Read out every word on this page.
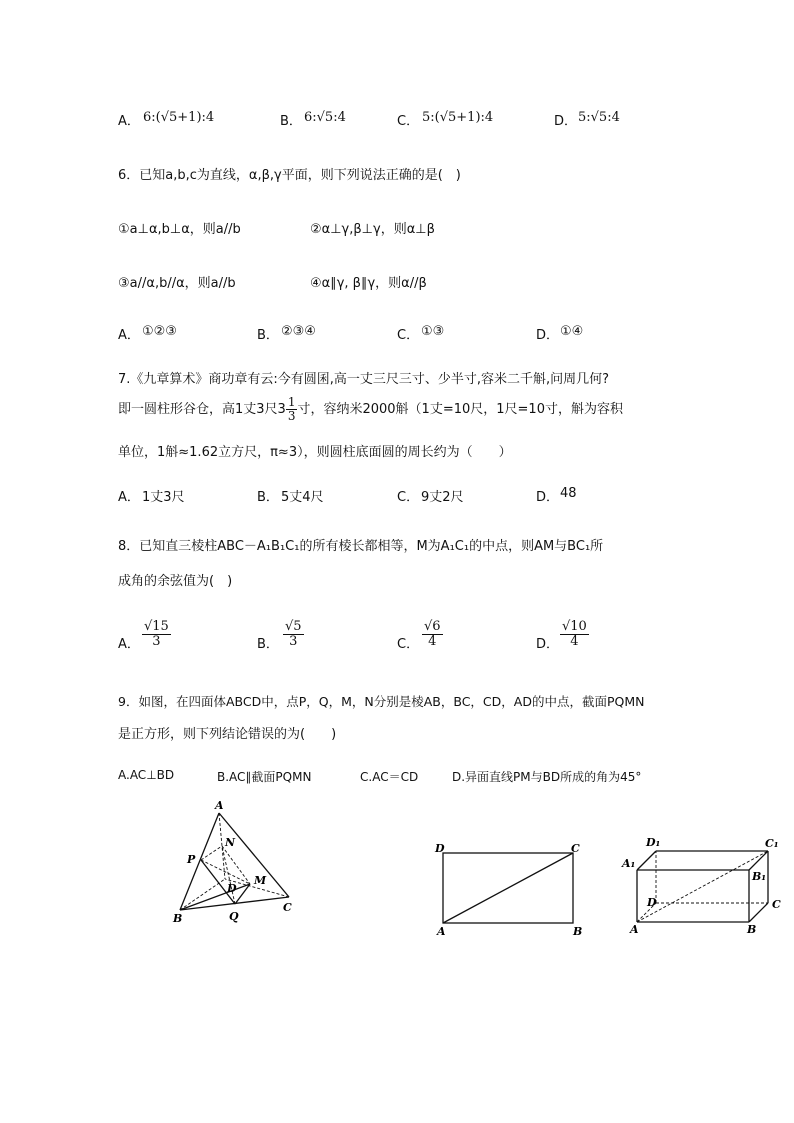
A． 6:(√5+1):4	B． 6:√5:4	C． 5:(√5+1):4	D． 5:√5:4
6．已知a,b,c为直线，α,β,γ平面，则下列说法正确的是(　)
①a⊥α,b⊥α，则a//b	②α⊥γ,β⊥γ，则α⊥β
③a//α,b//α，则a//b	④α∥γ, β∥γ，则α//β
A． ①②③	B． ②③④	C． ①③	D． ①④
7.《九章算术》商功章有云:今有圆囷,高一丈三尺三寸、少半寸,容米二千斛,问周几何?
即一圆柱形谷仓，高1丈3尺$3 \frac{1}{3}$ 寸，容纳米2000斛（1丈=10尺，1尺=10寸，斛为容积
单位，1斛≈1.62立方尺，π≈3），则圆柱底面圆的周长约为（　　）
A． 1丈3尺	B． 5丈4尺	C． 9丈2尺	D． 48
8．已知直三棱柱ABC－A₁B₁C₁的所有棱长都相等，M为A₁C₁的中点，则AM与BC₁所
成角的余弦值为(　)
A． $\frac{√15}{3}$	B． $\frac{√5}{3}$	C． $\frac{√6}{4}$	D． $\frac{√10}{4}$
9．如图，在四面体ABCD中，点P，Q，M，N分别是棱AB，BC，CD，AD的中点，截面PQMN
是正方形，则下列结论错误的为(　　)
A.AC⊥BD	B.AC∥截面PQMN	C.AC＝CD	D.异面直线PM与BD所成的角为45°
A
N
P
M
D
Q
B
C
D	C
A	B
D₁	C₁
A₁
B₁
D	C
A	B
